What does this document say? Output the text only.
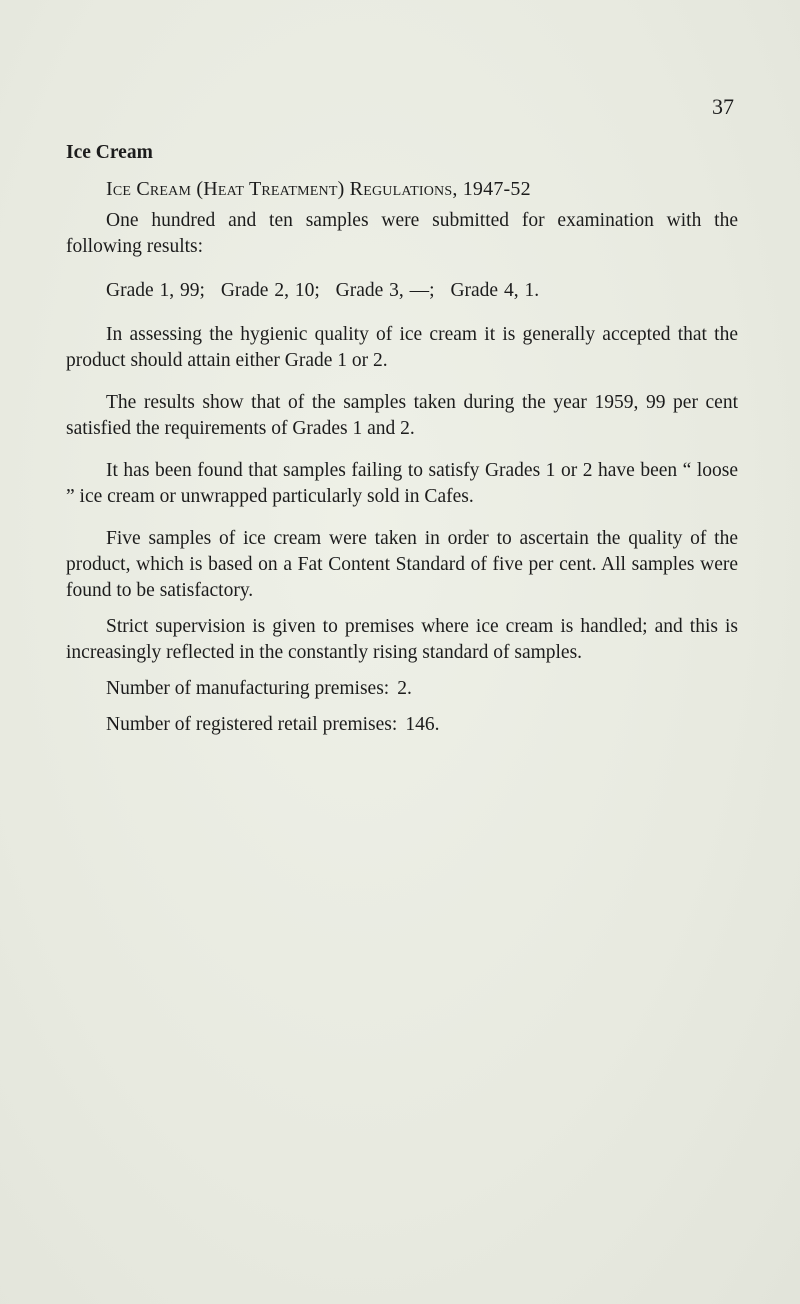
37
Ice Cream
Ice Cream (Heat Treatment) Regulations, 1947-52

One hundred and ten samples were submitted for examination with the following results:

Grade 1, 99; Grade 2, 10; Grade 3, —; Grade 4, 1.

In assessing the hygienic quality of ice cream it is generally accepted that the product should attain either Grade 1 or 2.

The results show that of the samples taken during the year 1959, 99 per cent satisfied the requirements of Grades 1 and 2.

It has been found that samples failing to satisfy Grades 1 or 2 have been “ loose ” ice cream or unwrapped particularly sold in Cafes.

Five samples of ice cream were taken in order to ascertain the quality of the product, which is based on a Fat Content Standard of five per cent. All samples were found to be satisfactory.

Strict supervision is given to premises where ice cream is handled; and this is increasingly reflected in the constantly rising standard of samples.

Number of manufacturing premises: 2.

Number of registered retail premises: 146.
